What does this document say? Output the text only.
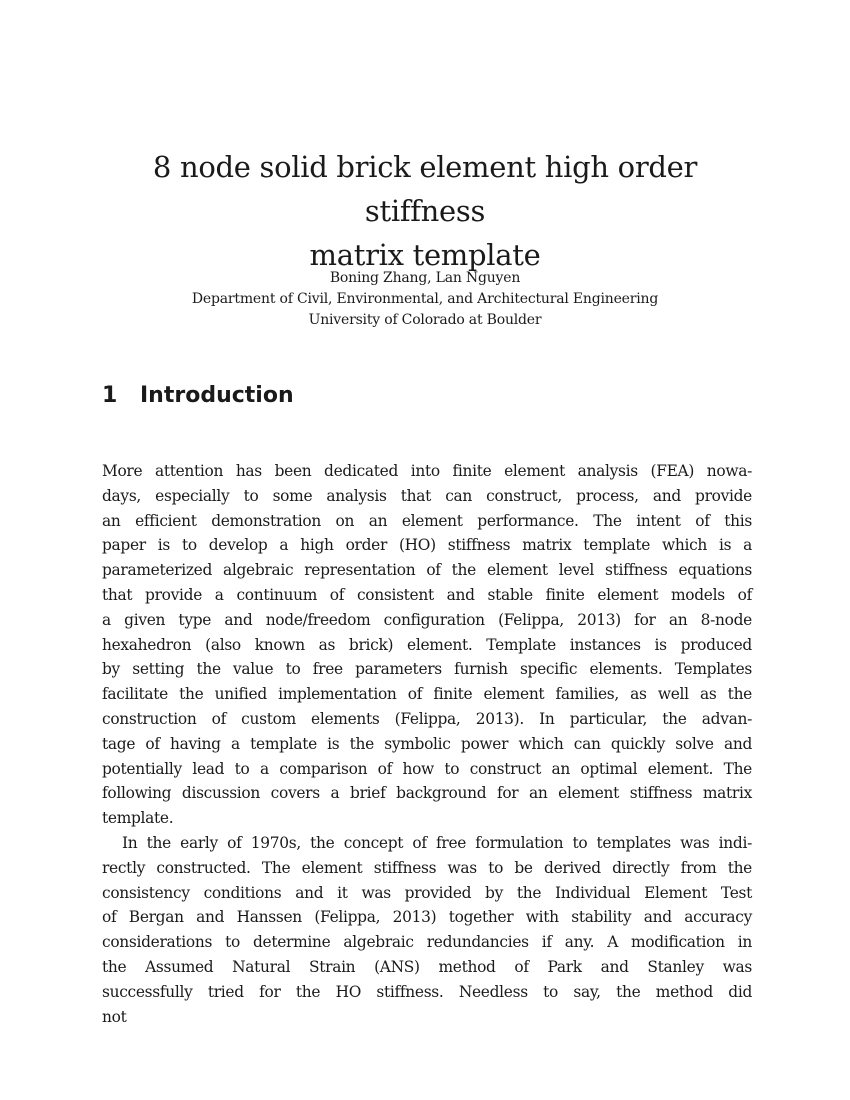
8 node solid brick element high order stiffness
matrix template
Boning Zhang, Lan Nguyen
Department of Civil, Environmental, and Architectural Engineering
University of Colorado at Boulder
1 Introduction
More attention has been dedicated into finite element analysis (FEA) nowa-
days, especially to some analysis that can construct, process, and provide
an efficient demonstration on an element performance. The intent of this
paper is to develop a high order (HO) stiffness matrix template which is a
parameterized algebraic representation of the element level stiffness equations
that provide a continuum of consistent and stable finite element models of
a given type and node/freedom configuration (Felippa, 2013) for an 8-node
hexahedron (also known as brick) element. Template instances is produced
by setting the value to free parameters furnish specific elements. Templates
facilitate the unified implementation of finite element families, as well as the
construction of custom elements (Felippa, 2013). In particular, the advan-
tage of having a template is the symbolic power which can quickly solve and
potentially lead to a comparison of how to construct an optimal element. The
following discussion covers a brief background for an element stiffness matrix
template.
In the early of 1970s, the concept of free formulation to templates was indi-
rectly constructed. The element stiffness was to be derived directly from the
consistency conditions and it was provided by the Individual Element Test
of Bergan and Hanssen (Felippa, 2013) together with stability and accuracy
considerations to determine algebraic redundancies if any. A modification in
the Assumed Natural Strain (ANS) method of Park and Stanley was
successfully tried for the HO stiffness. Needless to say, the method did
not
